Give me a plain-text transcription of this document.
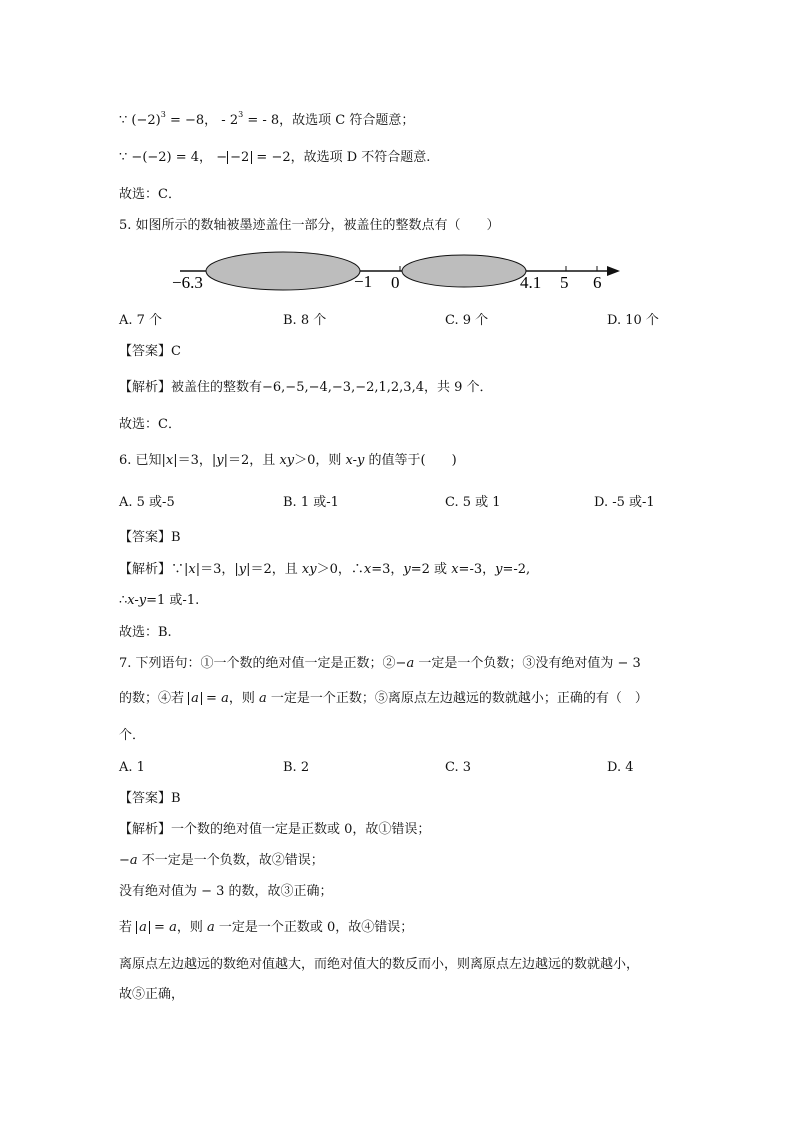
∵ $(-2)^3 = -8$， - $2^3$ = - 8，故选项 C 符合题意；
∵ −(−2) = 4， − −2 = −2，故选项 D 不符合题意.
故选：C．
5. 如图所示的数轴被墨迹盖住一部分，被盖住的整数点有（　　）
−6.3	−1 0	4.1 5 6
A. 7 个	B. 8 个	C. 9 个	D. 10 个
【答案】C
【解析】被盖住的整数有−6,−5,−4,−3,−2,1,2,3,4，共 9 个．
故选：C．
6. 已知|x|＝3，|y|＝2，且 xy＞0，则 x-y 的值等于(　　)
A. 5 或-5	B. 1 或-1	C. 5 或 1	D. -5 或-1
【答案】B
【解析】∵|x|＝3，|y|＝2，且 xy＞0，∴x=3，y=2 或 x=-3，y=-2,
∴x-y=1 或-1.
故选：B.
7. 下列语句：①一个数的绝对值一定是正数；②−a 一定是一个负数；③没有绝对值为 − 3
的数；④若 a = a，则 a 一定是一个正数；⑤离原点左边越远的数就越小；正确的有（　）
个．
A. 1	B. 2	C. 3	D. 4
【答案】B
【解析】一个数的绝对值一定是正数或 0，故①错误；
−a 不一定是一个负数，故②错误；
没有绝对值为 − 3 的数，故③正确；
若 a = a，则 a 一定是一个正数或 0，故④错误；
离原点左边越远的数绝对值越大，而绝对值大的数反而小，则离原点左边越远的数就越小，
故⑤正确，
